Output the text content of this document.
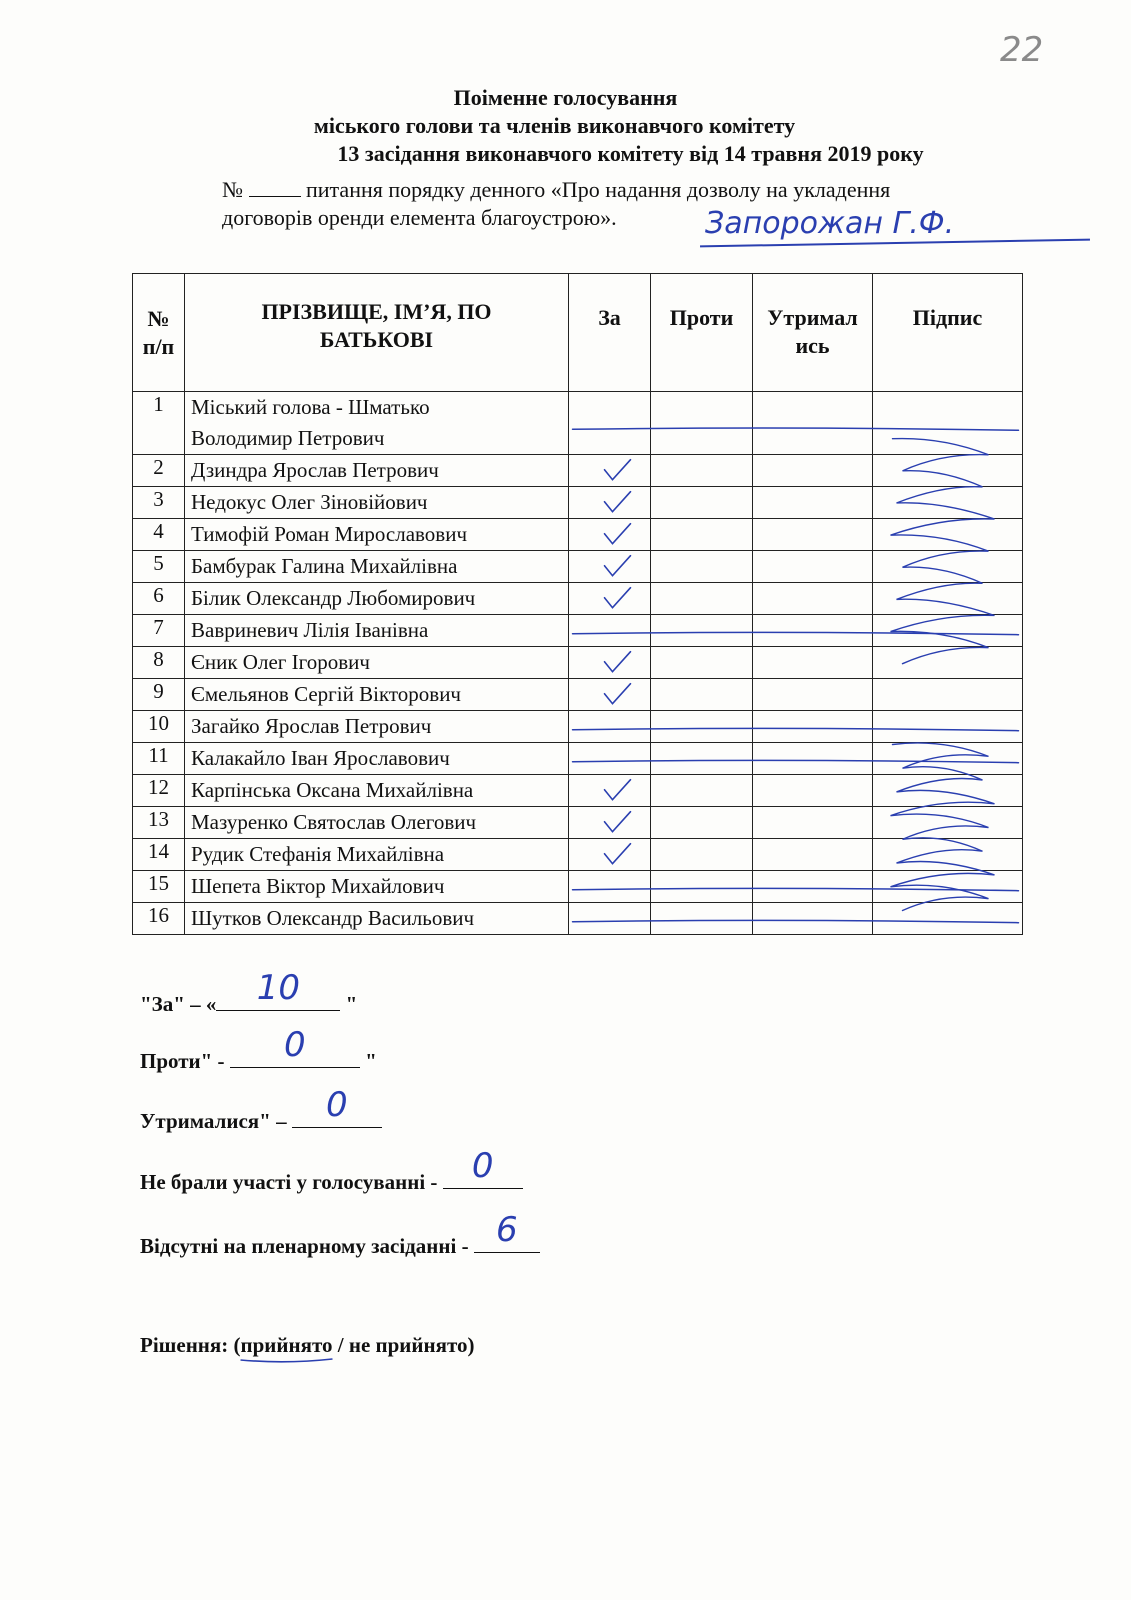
22
Поіменне голосування
міського голови та членів виконавчого комітету
13 засідання виконавчого комітету від 14 травня 2019 року
№	питання порядку денного «Про надання дозволу на укладення
договорів оренди елемента благоустрою».	Запорожан Г.Ф.
№ п/п	ПРІЗВИЩЕ, ІМ’Я, ПО БАТЬКОВІ	За	Проти	Утримались	Підпис
1	Міський голова - Шматько
Володимир Петрович				

2	Дзиндра Ярослав Петрович				

3	Недокус Олег Зіновійович				

4	Тимофій Роман Мирославович				

5	Бамбурак Галина Михайлівна				

6	Білик Олександр Любомирович				

7	Вавриневич Лілія Іванівна				

8	Єник Олег Ігорович				

9	Ємельянов Сергій Вікторович				

10	Загайко Ярослав Петрович				

11	Калакайло Іван Ярославович				

12	Карпінська Оксана Михайлівна				

13	Мазуренко Святослав Олегович				

14	Рудик Стефанія Михайлівна				

15	Шепета Віктор Михайлович				

16	Шутков Олександр Васильович				

"За" – «	10	"
Проти" -	0	"
Утрималися" –	0
Не брали участі у голосуванні - 0
Відсутні на пленарному засіданні - 6
Рішення: (прийнято / не прийнято)
